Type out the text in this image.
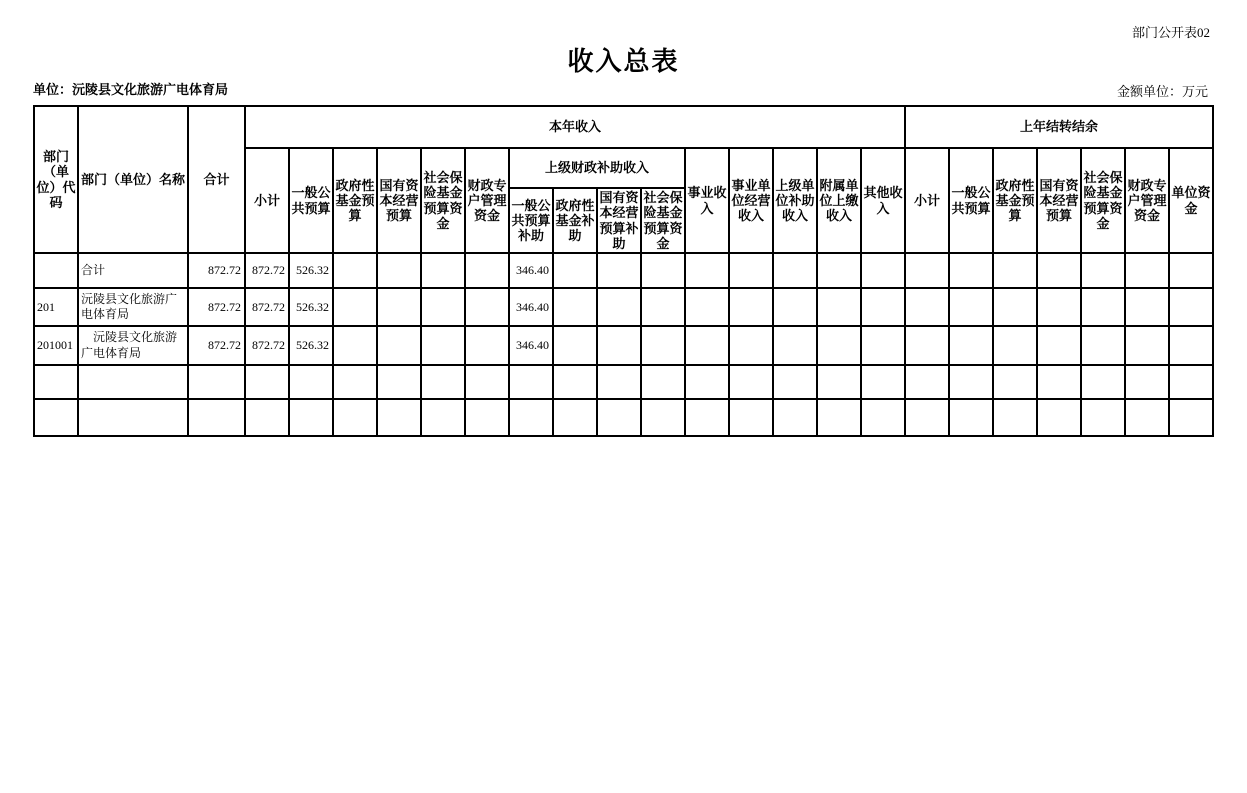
部门公开表02
收入总表
单位：沅陵县文化旅游广电体育局	金额单位：万元
部门（单位）代码	部门（单位）名称	合计	本年收入															上年结转结余						
			小计	一般公共预算	政府性基金预算	国有资本经营预算	社会保险基金预算资金	财政专户管理资金	上级财政补助收入				事业收入	事业单位经营收入	上级单位补助收入	附属单位上缴收入	其他收入	小计	一般公共预算	政府性基金预算	国有资本经营预算	社会保险基金预算资金	财政专户管理资金	单位资金
									一般公共预算补助	政府性基金补助	国有资本经营预算补助	社会保险基金预算资金												
	合计	872.72	872.72	526.32					346.40															
201	沅陵县文化旅游广电体育局	872.72	872.72	526.32					346.40															
201001	　沅陵县文化旅游广电体育局	872.72	872.72	526.32					346.40															
